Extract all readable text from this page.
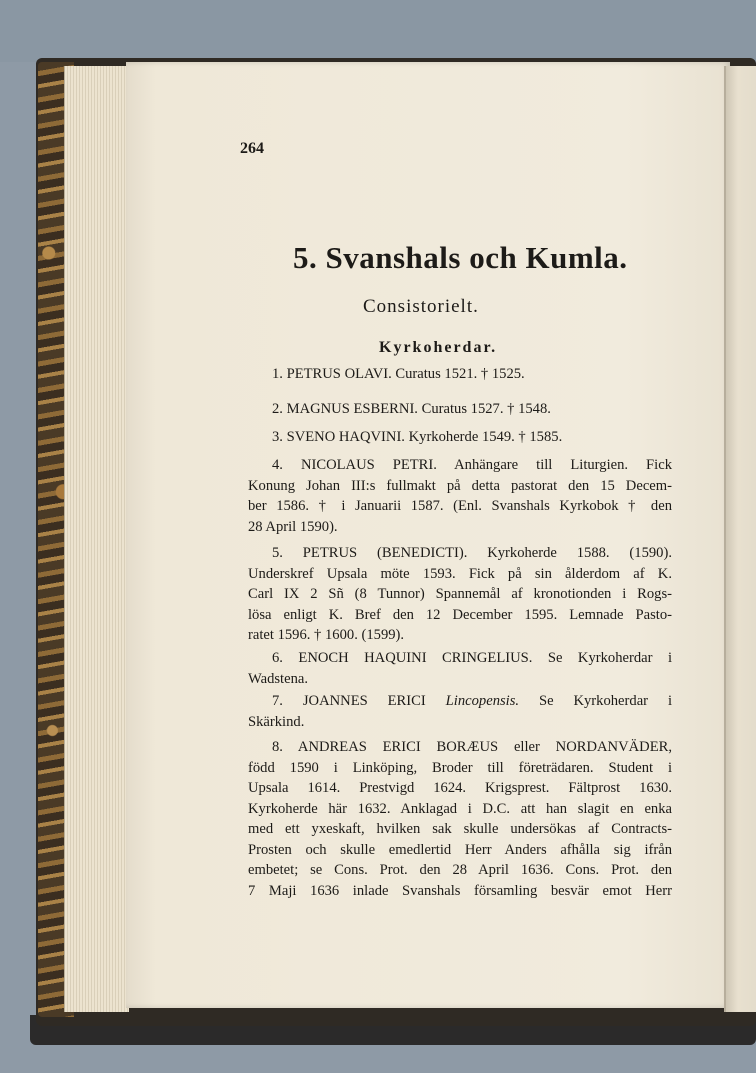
264
5. Svanshals och Kumla.
Consistorielt.
Kyrkoherdar.
1. PETRUS OLAVI. Curatus 1521. † 1525.
2. MAGNUS ESBERNI. Curatus 1527. † 1548.
3. SVENO HAQVINI. Kyrkoherde 1549. † 1585.
4. NICOLAUS PETRI. Anhängare till Liturgien. Fick
Konung Johan III:s fullmakt på detta pastorat den 15 Decem-
ber 1586. † i Januarii 1587. (Enl. Svanshals Kyrkobok † den
28 April 1590).
5. PETRUS (BENEDICTI). Kyrkoherde 1588. (1590).
Underskref Upsala möte 1593. Fick på sin ålderdom af K.
Carl IX 2 S⁠ñ (8 Tunnor) Spannemål af kronotionden i Rogs-
lösa enligt K. Bref den 12 December 1595. Lemnade Pasto-
ratet 1596. † 1600. (1599).
6. ENOCH HAQUINI CRINGELIUS. Se Kyrkoherdar i
Wadstena.
7. JOANNES ERICI Lincopensis. Se Kyrkoherdar i
Skärkind.
8. ANDREAS ERICI BORÆUS eller NORDANVÄDER,
född 1590 i Linköping, Broder till företrädaren. Student i
Upsala 1614. Prestvigd 1624. Krigsprest. Fältprost 1630.
Kyrkoherde här 1632. Anklagad i D.C. att han slagit en enka
med ett yxeskaft, hvilken sak skulle undersökas af Contracts-
Prosten och skulle emedlertid Herr Anders afhålla sig ifrån
embetet; se Cons. Prot. den 28 April 1636. Cons. Prot. den
7 Maji 1636 inlade Svanshals församling besvär emot Herr
